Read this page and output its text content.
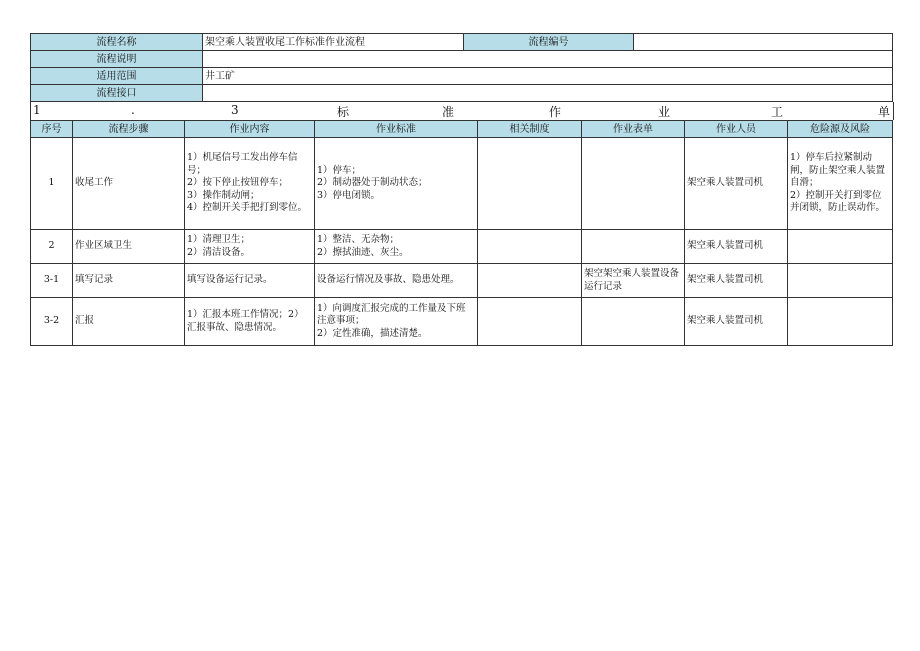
流程名称	架空乘人装置收尾工作标准作业流程	流程编号	
流程说明			
适用范围	井工矿		
流程接口			
1	.	3	标	准	作	业	工	单
序号	流程步骤	作业内容	作业标准	相关制度	作业表单	作业人员	危险源及风险
1	收尾工作	1）机尾信号工发出停车信号；
2）按下停止按钮停车；
3）操作制动闸；
4）控制开关手把打到零位。	1）停车；
2）制动器处于制动状态；
3）停电闭锁。			架空乘人装置司机	1）停车后拉紧制动闸，防止架空乘人装置自滑；
2）控制开关打到零位并闭锁，防止误动作。
2	作业区域卫生	1）清理卫生；
2）清洁设备。	1）整洁、无杂物；
2）擦拭油迹、灰尘。			架空乘人装置司机	
3-1	填写记录	填写设备运行记录。	设备运行情况及事故、隐患处理。		架空架空乘人装置设备运行记录	架空乘人装置司机	
3-2	汇报	1）汇报本班工作情况；2）汇报事故、隐患情况。	1）向调度汇报完成的工作量及下班注意事项；
2）定性准确，描述清楚。			架空乘人装置司机	
